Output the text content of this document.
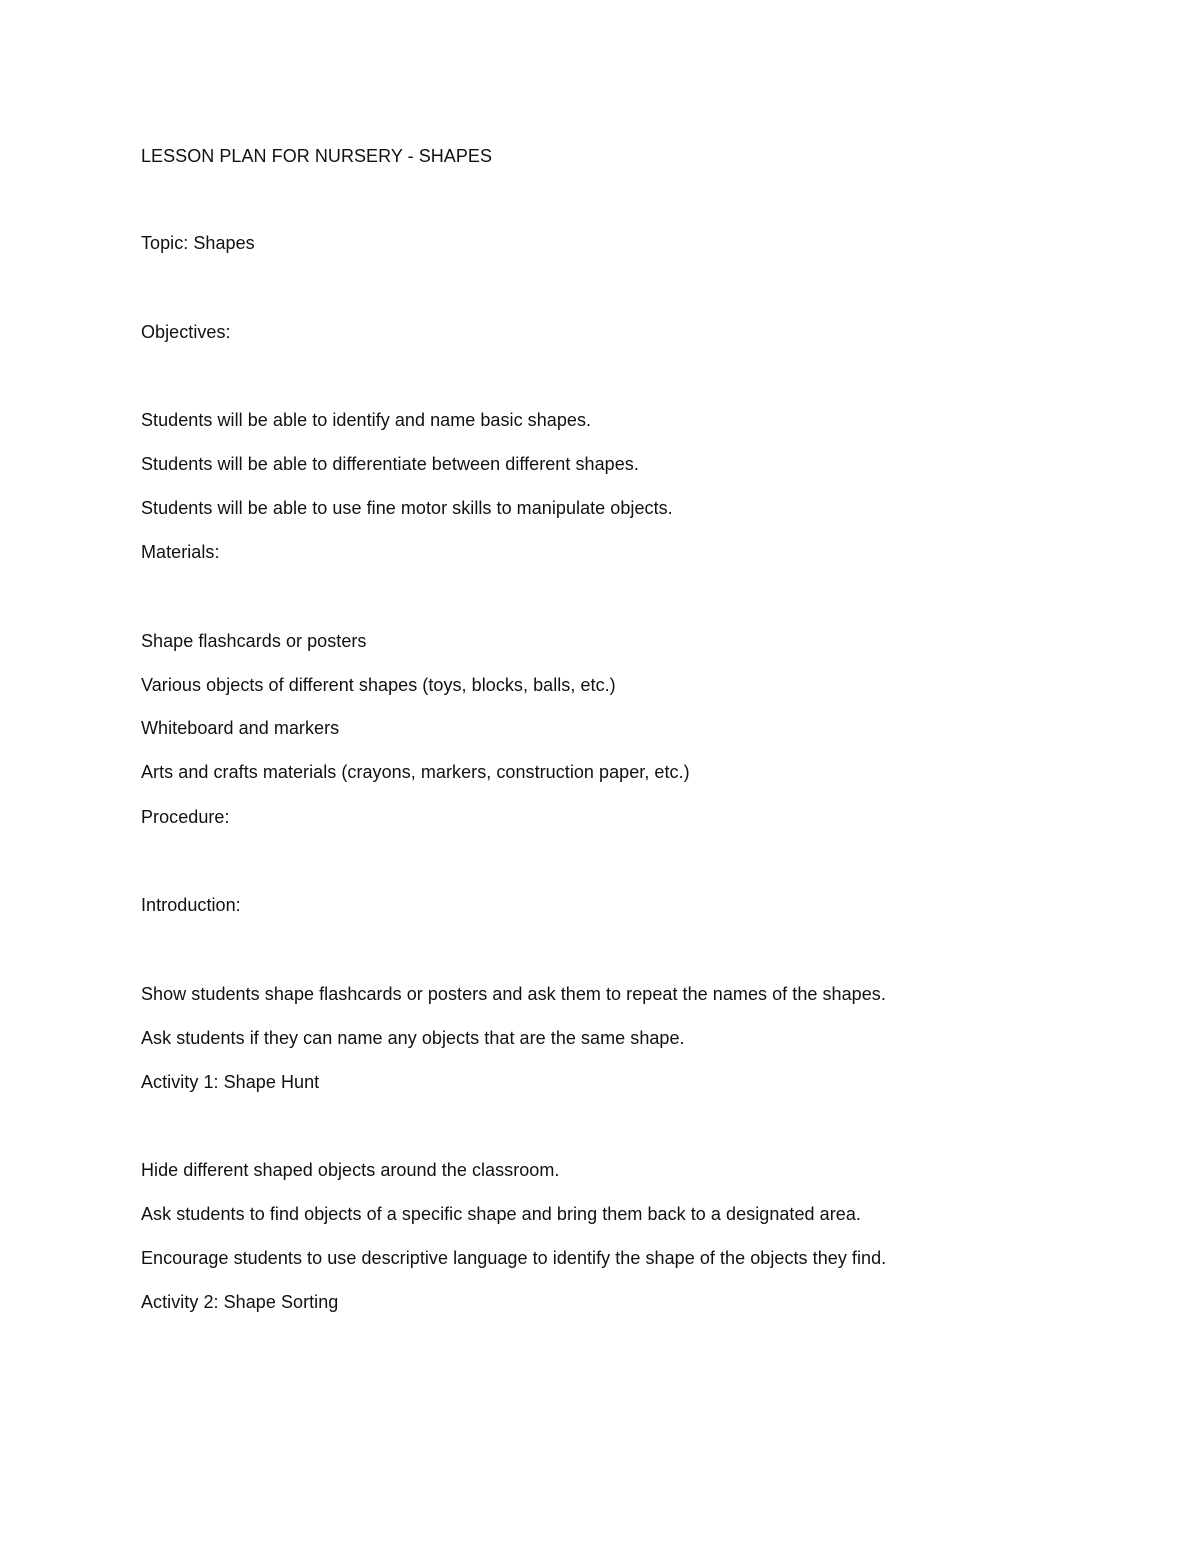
LESSON PLAN FOR NURSERY - SHAPES
Topic: Shapes
Objectives:
Students will be able to identify and name basic shapes.
Students will be able to differentiate between different shapes.
Students will be able to use fine motor skills to manipulate objects.
Materials:
Shape flashcards or posters
Various objects of different shapes (toys, blocks, balls, etc.)
Whiteboard and markers
Arts and crafts materials (crayons, markers, construction paper, etc.)
Procedure:
Introduction:
Show students shape flashcards or posters and ask them to repeat the names of the shapes.
Ask students if they can name any objects that are the same shape.
Activity 1: Shape Hunt
Hide different shaped objects around the classroom.
Ask students to find objects of a specific shape and bring them back to a designated area.
Encourage students to use descriptive language to identify the shape of the objects they find.
Activity 2: Shape Sorting
